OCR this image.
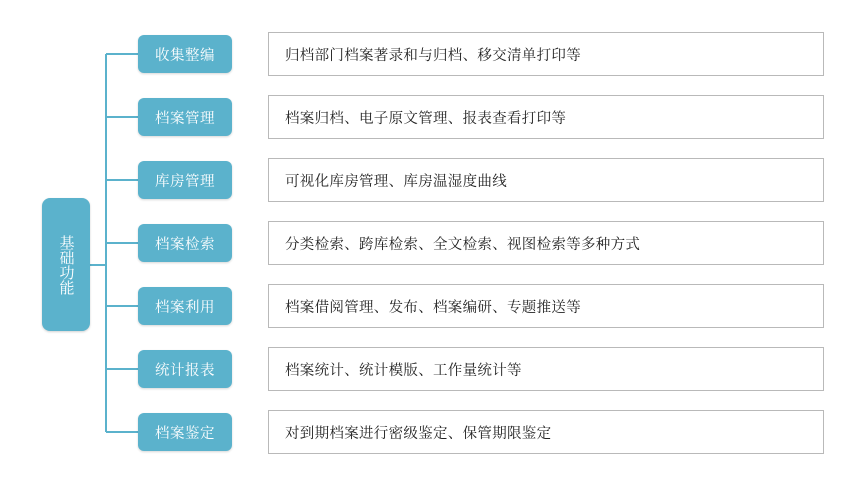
基础功能
收集整编	归档部门档案著录和与归档、移交清单打印等
档案管理	档案归档、电子原文管理、报表查看打印等
库房管理	可视化库房管理、库房温湿度曲线
档案检索	分类检索、跨库检索、全文检索、视图检索等多种方式
档案利用	档案借阅管理、发布、档案编研、专题推送等
统计报表	档案统计、统计模版、工作量统计等
档案鉴定	对到期档案进行密级鉴定、保管期限鉴定
